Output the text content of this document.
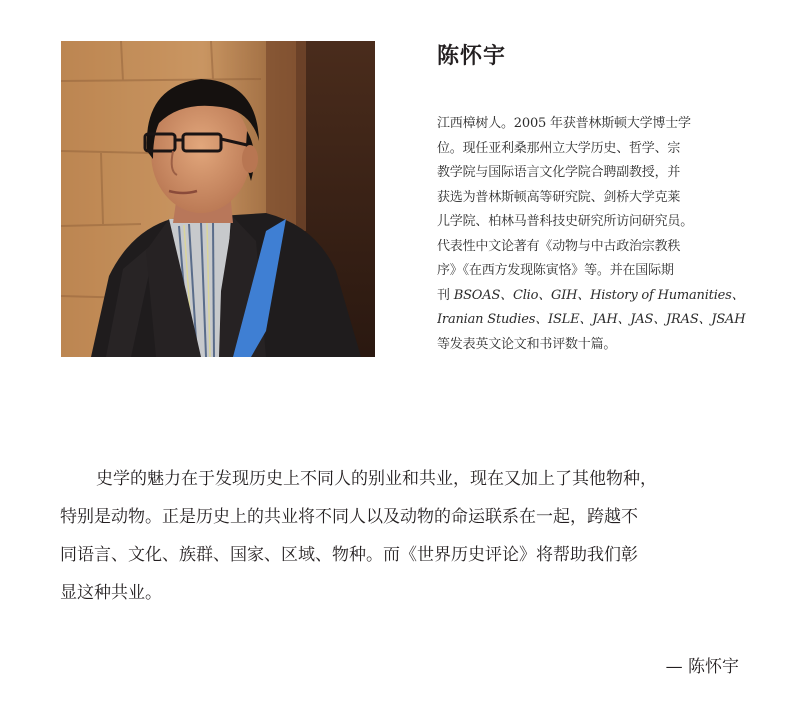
陈怀宇
江西樟树人。2005 年获普林斯顿大学博士学
位。现任亚利桑那州立大学历史、哲学、宗
教学院与国际语言文化学院合聘副教授，并
获选为普林斯顿高等研究院、剑桥大学克莱
儿学院、柏林马普科技史研究所访问研究员。
代表性中文论著有《动物与中古政治宗教秩
序》《在西方发现陈寅恪》等。并在国际期
刊 BSOAS、Clio、GIH、History of Humanities、
Iranian Studies、ISLE、JAH、JAS、JRAS、JSAH
等发表英文论文和书评数十篇。
史学的魅力在于发现历史上不同人的别业和共业，现在又加上了其他物种，
特别是动物。正是历史上的共业将不同人以及动物的命运联系在一起，跨越不
同语言、文化、族群、国家、区域、物种。而《世界历史评论》将帮助我们彰
显这种共业。
— 陈怀宇
